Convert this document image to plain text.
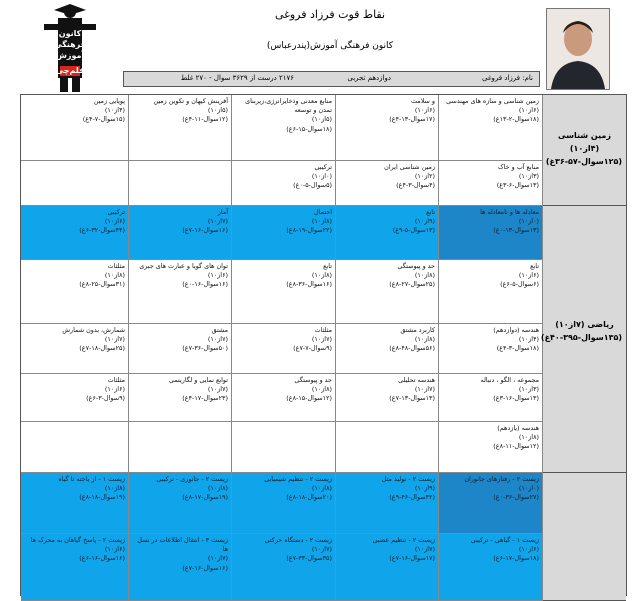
کانون
فرهنگی
آموزش
قلم‌چی
نقاط قوت فرزاد فروغی
کانون فرهنگی آموزش(پندرعباس)
نام: فرزاد فروغی
دوازدهم تجربی
۲۱۷۶ درست از ۳۶۲۹ سوال - ۲۷۰ غلط
زمین شناسی و سازه های مهندسی
(۶از۱۰)
(۱۸سوال-۲-۱۳غ)
و سلامت
(۶از۱۰)
(۱۷سوال-۱۳-۴غ)
منابع معدنی وذخایرانرژی،زیربنای تمدن و توسعه
(۵از۱۰)
(۱۸سوال-۱۵-۶غ)
آفرینش کیهان و تکوین زمین
(۵از۱۰)
(۱۲سوال-۱۱-۴غ)
پویایی زمین
(۴از۱۰)
(۱۵سوال-۷-۴غ)
منابع آب و خاک
(۳از۱۰)
(۱۳سوال-۶-۳غ)
زمین شناسی ایران
(۲از۱۰)
(۴سوال-۳-۴غ)
ترکیبی
(۰از۱۰)
(۵سوال-۵-۰غ)
معادله ها و نامعادله ها
(۰از۱۰)
(۱۳سوال-۱۳-۰غ)
تابع
(۹از۱۰)
(۱۳سوال-۵-۹غ)
احتمال
(۸از۱۰)
(۲۲سوال-۱۹-۸غ)
آمار
(۷از۱۰)
(۱۶سوال-۱۶-۷غ)
ترکیبی
(۶از۱۰)
(۴۴سوال-۳۲-۶غ)
تابع
(۶از۱۰)
(۶سوال-۵-۶غ)
حد و پیوستگی
(۸از۱۰)
(۲۵سوال-۲۷-۸غ)
تابع
(۸از۱۰)
(۱۶سوال-۳۶-۸غ)
توان های گویا و عبارت های جبری
(۶از۱۰)
(۱۶سوال-۱۶-۰غ)
مثلثات
(۸از۱۰)
(۳۱سوال-۲۵-۸غ)
هندسه (دوازدهم)
(۴از۱۰)
(۱۸سوال-۳-۴غ)
کاربرد مشتق
(۸از۱۰)
(۵۶سوال-۴۸-۸غ)
مثلثات
(۷از۱۰)
(۹سوال-۷-۷غ)
مشتق
(۷از۱۰)
(۵۰سوال-۳۶-۷غ)
شمارش، بدون شمارش
(۷از۱۰)
(۲۵سوال-۱۸-۷غ)
مجموعه ، الگو ، دنباله
(۳از۱۰)
(۱۳سوال-۱۶-۳غ)
هندسه تحلیلی
(۷از۱۰)
(۱۳سوال-۱۳-۷غ)
حد و پیوستگی
(۸از۱۰)
(۱۲سوال-۱۵-۸غ)
توابع نمایی و لگاریتمی
(۷از۱۰)
(۲۳سوال-۱۷-۴غ)
مثلثات
(۶از۱۰)
(۹سوال-۳-۶غ)
هندسه (یازدهم)
(۸از۱۰)
(۱۲سوال-۱۱-۸غ)
زیست ۲ - رفتارهای جانوران
(۰از۱۰)
(۲۷سوال-۳۶-۰غ)
زیست ۲ - تولید مثل
(۹از۱۰)
(۴۲سوال-۴۶-۹غ)
زیست ۲ - تنظیم شیمیایی
(۸از۱۰)
(۲۰سوال-۱۸-۸غ)
زیست ۲ - جانوری - ترکیبی
(۸از۱۰)
(۱۹سوال-۱۷-۸غ)
زیست ۱ - از یاخته تا گیاه
(۸از۱۰)
(۱۹سوال-۱۸-۸غ)
زیست ۱ - گیاهی - ترکیبی
(۶از۱۰)
(۱۸سوال-۱۷-۶غ)
زیست ۲ - تنظیم عصبی
(۷از۱۰)
(۱۷سوال-۱۶-۷غ)
زیست ۲ - دستگاه حرکتی
(۷از۱۰)
(۳۵سوال-۳۳-۷غ)
زیست ۳ - انتقال اطلاعات در نسل ها
(۷از۱۰)
(۱۶سوال-۱۶-۷غ)
زیست ۲ - پاسخ گیاهان به محرک ها
(۶از۱۰)
(۱۶سوال-۱۶-۶غ)
زمین شناسی (۴از۱۰) (۱۲۵سوال-۵۷-۳۶غ)
ریاضی (۷از۱۰) (۱۳۵سوال-۳۹۵-۴۰غ)
